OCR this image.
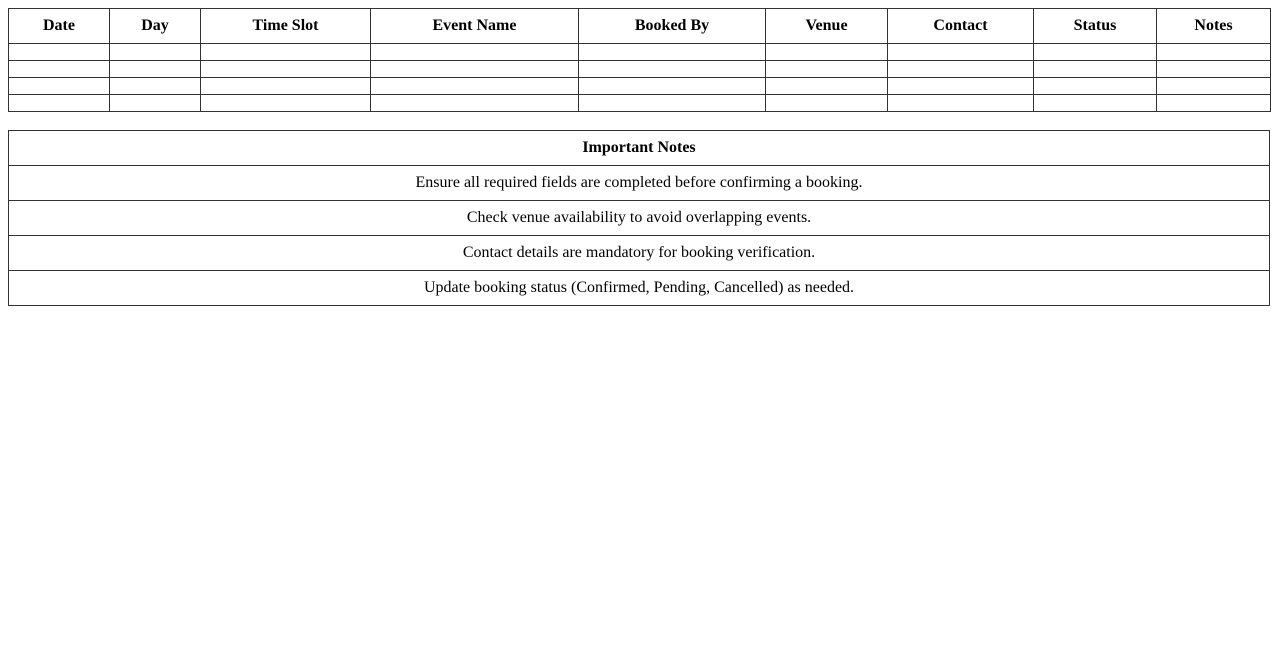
Date	Day	Time Slot	Event Name	Booked By	Venue	Contact	Status	Notes

Important Notes
Ensure all required fields are completed before confirming a booking.
Check venue availability to avoid overlapping events.
Contact details are mandatory for booking verification.
Update booking status (Confirmed, Pending, Cancelled) as needed.
